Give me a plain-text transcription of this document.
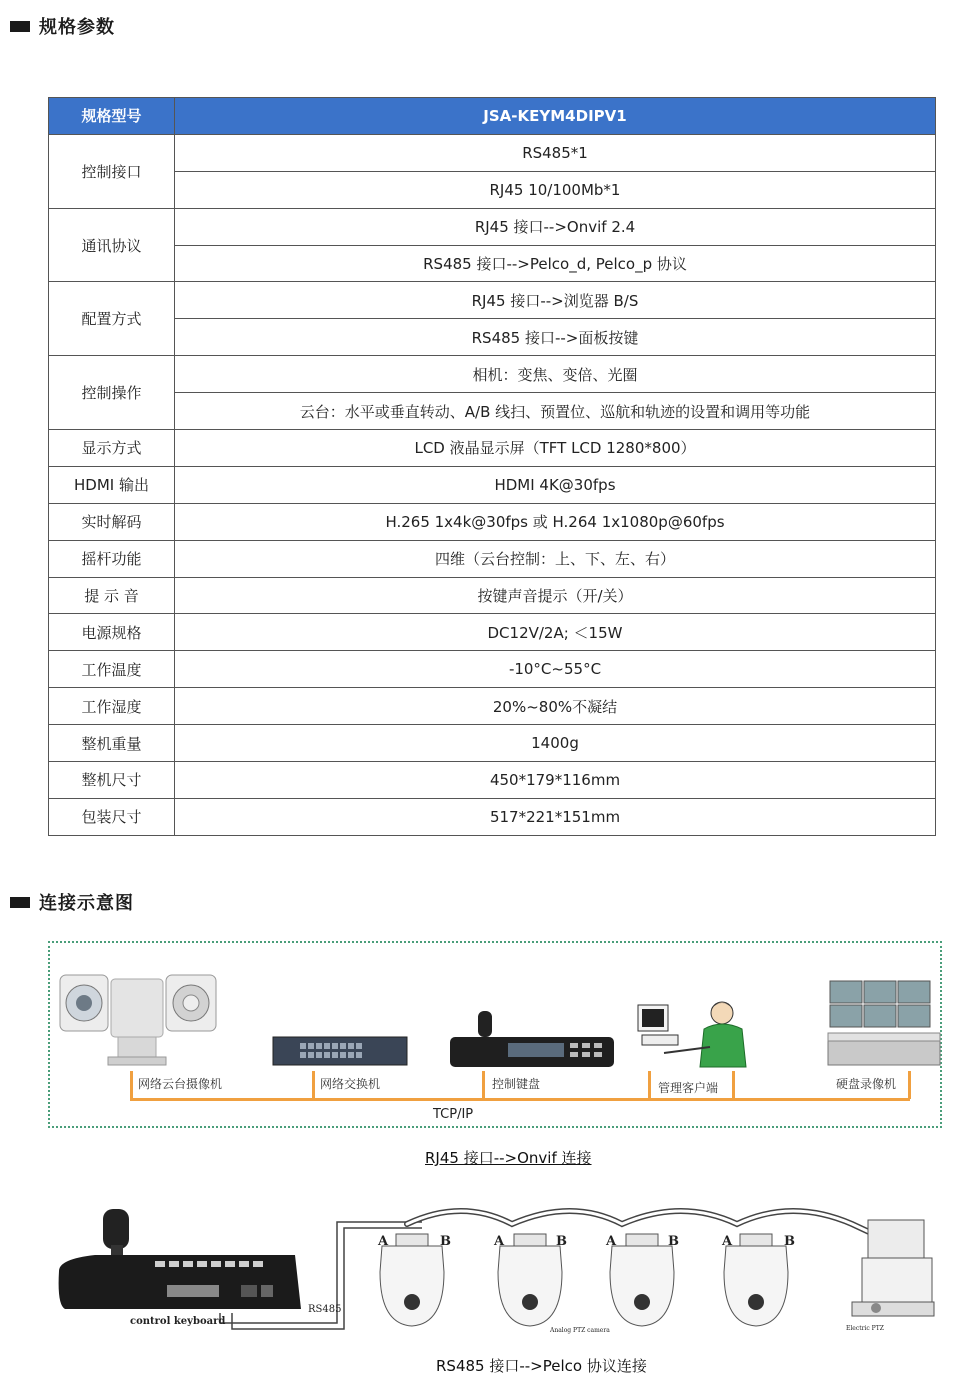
规格参数
规格型号	JSA-KEYM4DIPV1
控制接口	RS485*1
	RJ45 10/100Mb*1
通讯协议	RJ45 接口-->Onvif 2.4
	RS485 接口-->Pelco_d, Pelco_p 协议
配置方式	RJ45 接口-->浏览器 B/S
	RS485 接口-->面板按键
控制操作	相机：变焦、变倍、光圈
	云台：水平或垂直转动、A/B 线扫、预置位、巡航和轨迹的设置和调用等功能
显示方式	LCD 液晶显示屏（TFT LCD 1280*800）
HDMI 输出	HDMI 4K@30fps
实时解码	H.265 1x4k@30fps 或 H.264 1x1080p@60fps
摇杆功能	四维（云台控制：上、下、左、右）
提 示 音	按键声音提示（开/关）
电源规格	DC12V/2A; ＜15W
工作温度	-10°C~55°C
工作湿度	20%~80%不凝结
整机重量	1400g
整机尺寸	450*179*116mm
包装尺寸	517*221*151mm
连接示意图
网络云台摄像机	网络交换机	控制键盘	管理客户端	硬盘录像机
TCP/IP
RJ45 接口-->Onvif 连接
control keyboard
RS485
A	B	A	B	A	B	A	B
Analog PTZ camera	Electric PTZ
RS485 接口-->Pelco 协议连接
